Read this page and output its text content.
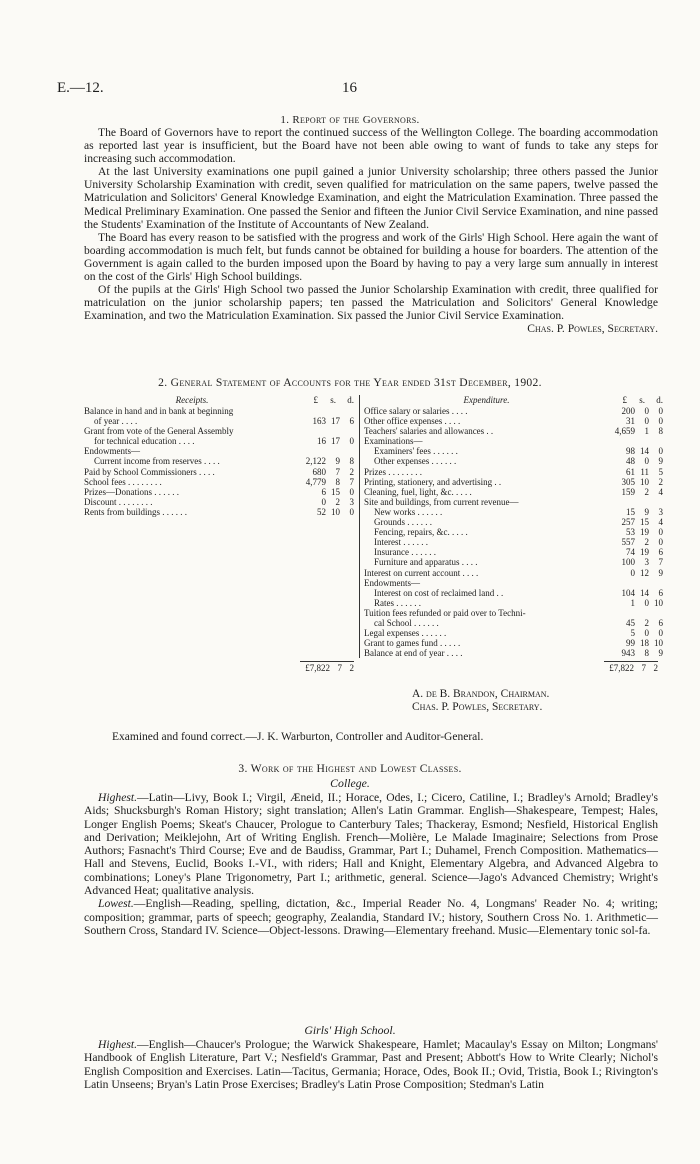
E.—12.	16
1. Report of the Governors.

The Board of Governors have to report the continued success of the Wellington College. The boarding accommodation as reported last year is insufficient, but the Board have not been able owing to want of funds to take any steps for increasing such accommodation.

At the last University examinations one pupil gained a junior University scholarship; three others passed the Junior University Scholarship Examination with credit, seven qualified for matriculation on the same papers, twelve passed the Matriculation and Solicitors' General Knowledge Examination, and eight the Matriculation Examination. Three passed the Medical Preliminary Examination. One passed the Senior and fifteen the Junior Civil Service Examination, and nine passed the Students' Examination of the Institute of Accountants of New Zealand.

The Board has every reason to be satisfied with the progress and work of the Girls' High School. Here again the want of boarding accommodation is much felt, but funds cannot be obtained for building a house for boarders. The attention of the Government is again called to the burden imposed upon the Board by having to pay a very large sum annually in interest on the cost of the Girls' High School buildings.

Of the pupils at the Girls' High School two passed the Junior Scholarship Examination with credit, three qualified for matriculation on the junior scholarship papers; ten passed the Matriculation and Solicitors' General Knowledge Examination, and two the Matriculation Examination. Six passed the Junior Civil Service Examination.

Chas. P. Powles, Secretary.

2. General Statement of Accounts for the Year ended 31st December, 1902.
Receipts.	£	s.	d.
Balance in hand and in bank at beginning
of year . . . .	163 17	6
Grant from vote of the General Assembly
for technical education . . . .	16 17	0
Endowments—
Current income from reserves . . . .	2,122	9	8
Paid by School Commissioners . . . .	680	7	2
School fees . . . . . . . .	4,779	8	7
Prizes—Donations . . . . . .	6 15	0
Discount . . . . . . . .	0	2	3
Rents from buildings . . . . . .	52 10	0
Expenditure.	£	s.	d.
Office salary or salaries . . . .	200	0	0
Other office expenses . . . .	31	0	0
Teachers' salaries and allowances . .	4,659	1	8
Examinations—
Examiners' fees . . . . . .	98 14	0
Other expenses . . . . . .	48	0	9
Prizes . . . . . . . .	61 11	5
Printing, stationery, and advertising . .	305 10	2
Cleaning, fuel, light, &c. . . . .	159	2	4
Site and buildings, from current revenue—
New works . . . . . .	15	9	3
Grounds . . . . . .	257 15	4
Fencing, repairs, &c. . . . .	53 19	0
Interest . . . . . .	557	2	0
Insurance . . . . . .	74 19	6
Furniture and apparatus . . . .	100	3	7
Interest on current account . . . .	0 12	9
Endowments—
Interest on cost of reclaimed land . .	104 14	6
Rates . . . . . .	1	0 10
Tuition fees refunded or paid over to Techni-
cal School . . . . . .	45	2	6
Legal expenses . . . . . .	5	0	0
Grant to games fund . . . . .	99 18 10
Balance at end of year . . . .	943	8	9
£7,822 7 2	£7,822 7 2
A. de B. Brandon, Chairman.
Chas. P. Powles, Secretary.
Examined and found correct.—J. K. Warburton, Controller and Auditor-General.
3. Work of the Highest and Lowest Classes.
College.

Highest.—Latin—Livy, Book I.; Virgil, Æneid, II.; Horace, Odes, I.; Cicero, Catiline, I.; Bradley's Arnold; Bradley's Aids; Shucksburgh's Roman History; sight translation; Allen's Latin Grammar. English—Shakespeare, Tempest; Hales, Longer English Poems; Skeat's Chaucer, Prologue to Canterbury Tales; Thackeray, Esmond; Nesfield, Historical English and Derivation; Meiklejohn, Art of Writing English. French—Molière, Le Malade Imaginaire; Selections from Prose Authors; Fasnacht's Third Course; Eve and de Baudiss, Grammar, Part I.; Duhamel, French Composition. Mathematics—Hall and Stevens, Euclid, Books I.-VI., with riders; Hall and Knight, Elementary Algebra, and Advanced Algebra to combinations; Loney's Plane Trigonometry, Part I.; arithmetic, general. Science—Jago's Advanced Chemistry; Wright's Advanced Heat; qualitative analysis.

Lowest.—English—Reading, spelling, dictation, &c., Imperial Reader No. 4, Longmans' Reader No. 4; writing; composition; grammar, parts of speech; geography, Zealandia, Standard IV.; history, Southern Cross No. 1. Arithmetic—Southern Cross, Standard IV. Science—Object-lessons. Drawing—Elementary freehand. Music—Elementary tonic sol-fa.

Girls' High School.

Highest.—English—Chaucer's Prologue; the Warwick Shakespeare, Hamlet; Macaulay's Essay on Milton; Longmans' Handbook of English Literature, Part V.; Nesfield's Grammar, Past and Present; Abbott's How to Write Clearly; Nichol's English Composition and Exercises. Latin—Tacitus, Germania; Horace, Odes, Book II.; Ovid, Tristia, Book I.; Rivington's Latin Unseens; Bryan's Latin Prose Exercises; Bradley's Latin Prose Composition; Stedman's Latin
